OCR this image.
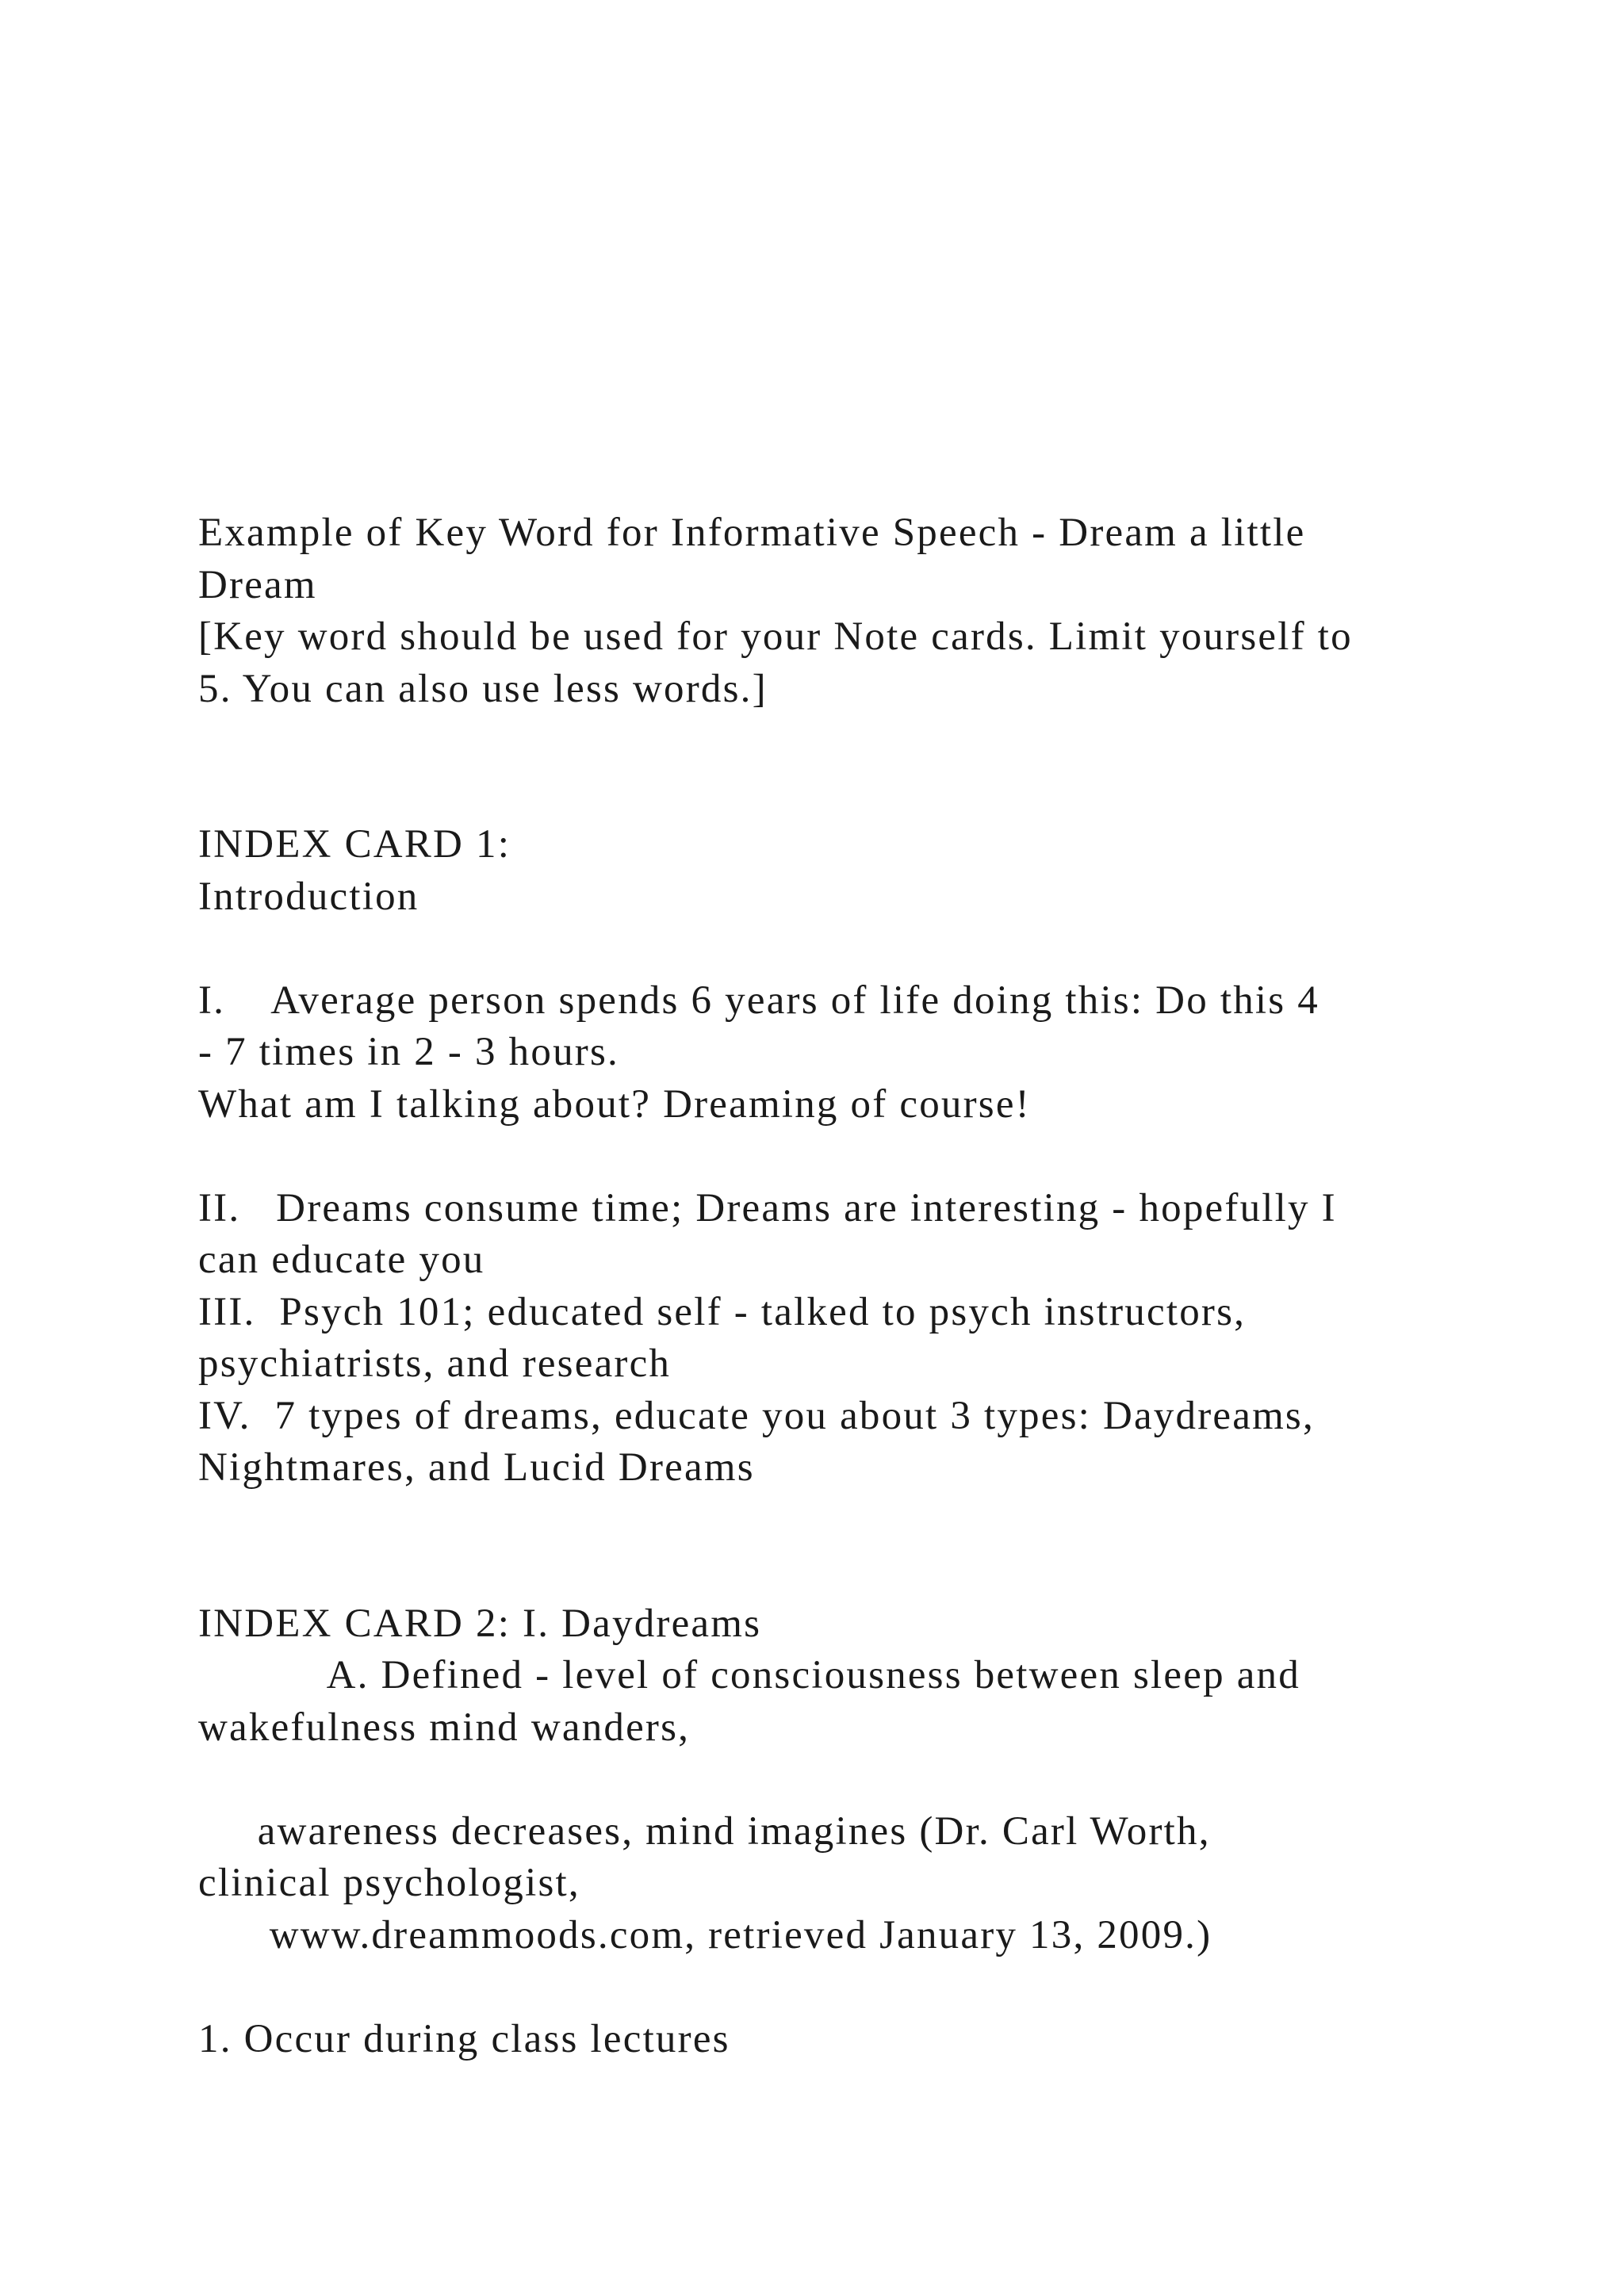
Example of Key Word for Informative Speech - Dream a little
Dream
[Key word should be used for your Note cards. Limit yourself to
5. You can also use less words.]
INDEX CARD 1:
Introduction
I.    Average person spends 6 years of life doing this: Do this 4
- 7 times in 2 - 3 hours.
What am I talking about? Dreaming of course!
II.   Dreams consume time; Dreams are interesting - hopefully I
can educate you
III.  Psych 101; educated self - talked to psych instructors,
psychiatrists, and research
IV.  7 types of dreams, educate you about 3 types: Daydreams,
Nightmares, and Lucid Dreams
INDEX CARD 2: I. Daydreams
A. Defined - level of consciousness between sleep and
wakefulness mind wanders,
awareness decreases, mind imagines (Dr. Carl Worth,
clinical psychologist,
www.dreammoods.com, retrieved January 13, 2009.)
1. Occur during class lectures
